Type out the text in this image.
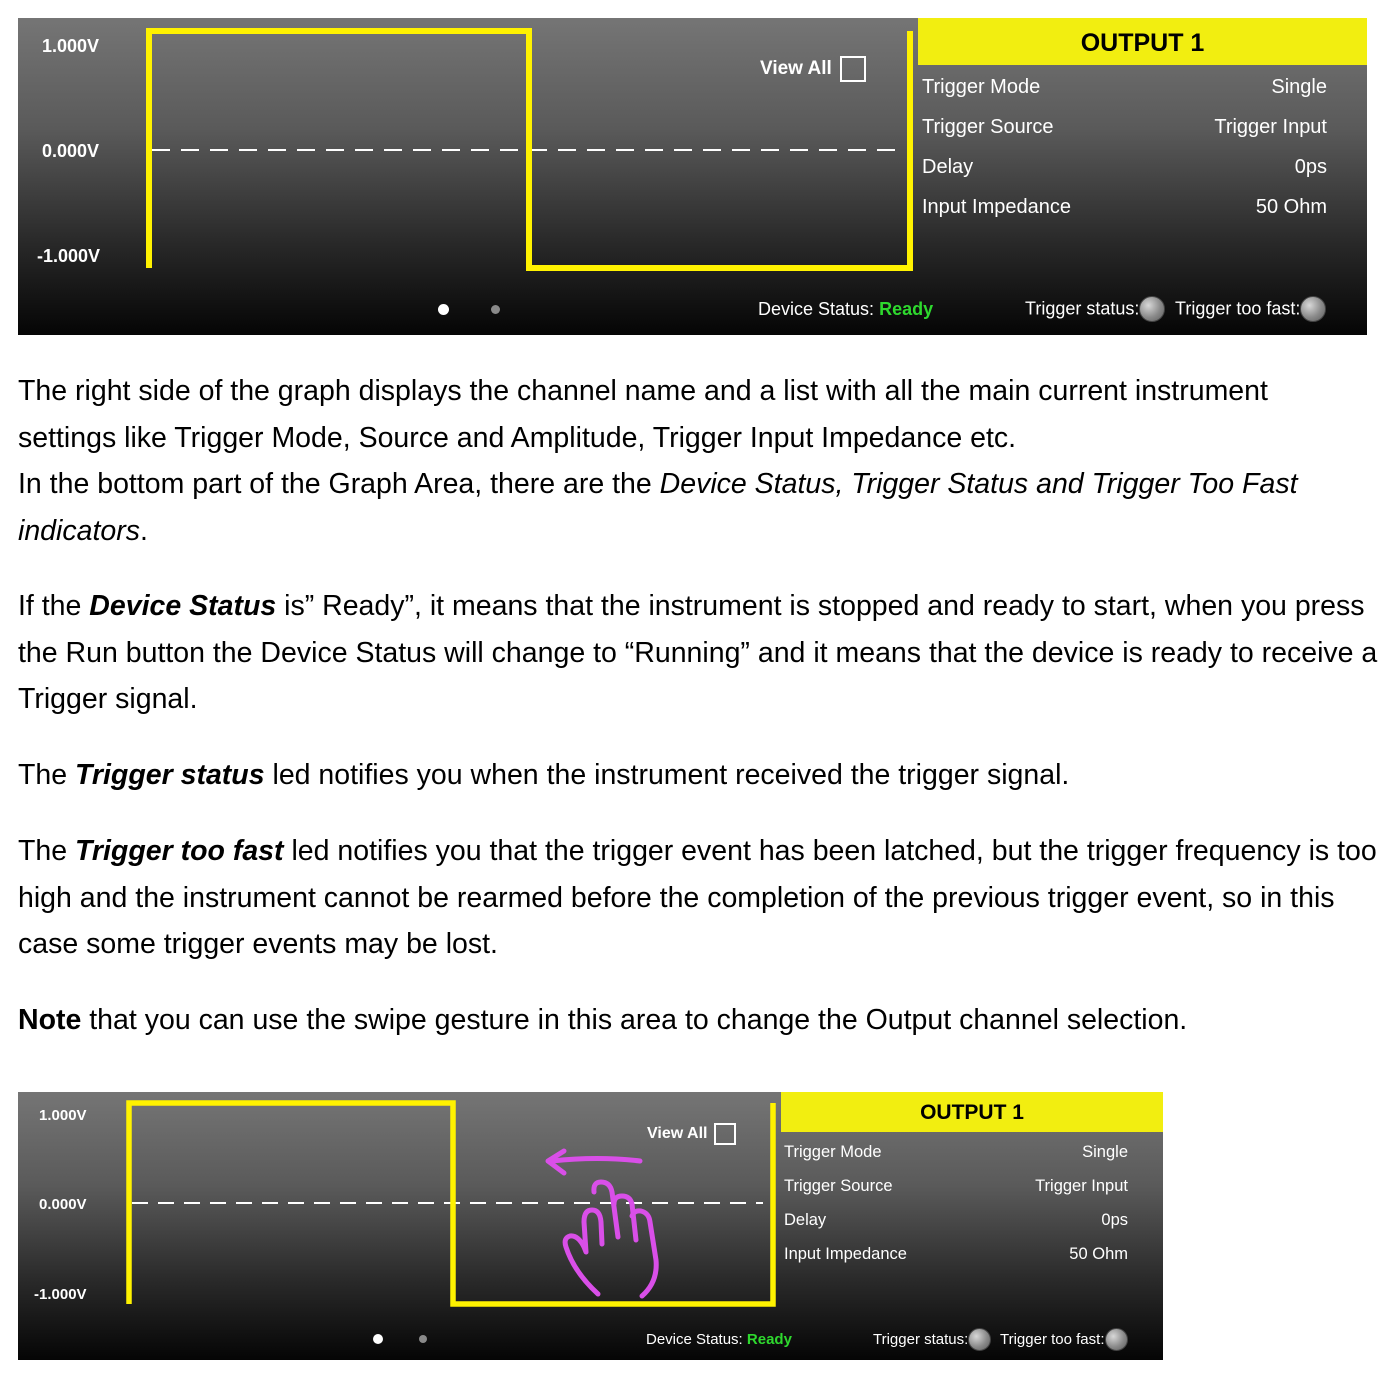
1.000V
0.000V
-1.000V
View All
OUTPUT 1
Trigger Mode	Single
Trigger Source	Trigger Input
Delay	0ps
Input Impedance	50 Ohm
Device Status: Ready	Trigger status:	Trigger too fast:

The right side of the graph displays the channel name and a list with all the main current instrument
settings like Trigger Mode, Source and Amplitude, Trigger Input Impedance etc.
In the bottom part of the Graph Area, there are the Device Status, Trigger Status and Trigger Too Fast indicators.

If the Device Status is” Ready”, it means that the instrument is stopped and ready to start, when you press the Run button the Device Status will change to “Running” and it means that the device is ready to receive a Trigger signal.

The Trigger status led notifies you when the instrument received the trigger signal.

The Trigger too fast led notifies you that the trigger event has been latched, but the trigger frequency is too high and the instrument cannot be rearmed before the completion of the previous trigger event, so in this case some trigger events may be lost.

Note that you can use the swipe gesture in this area to change the Output channel selection.

1.000V
0.000V
-1.000V
View All
OUTPUT 1
Trigger Mode	Single
Trigger Source	Trigger Input
Delay	0ps
Input Impedance	50 Ohm
Device Status: Ready	Trigger status:	Trigger too fast:
